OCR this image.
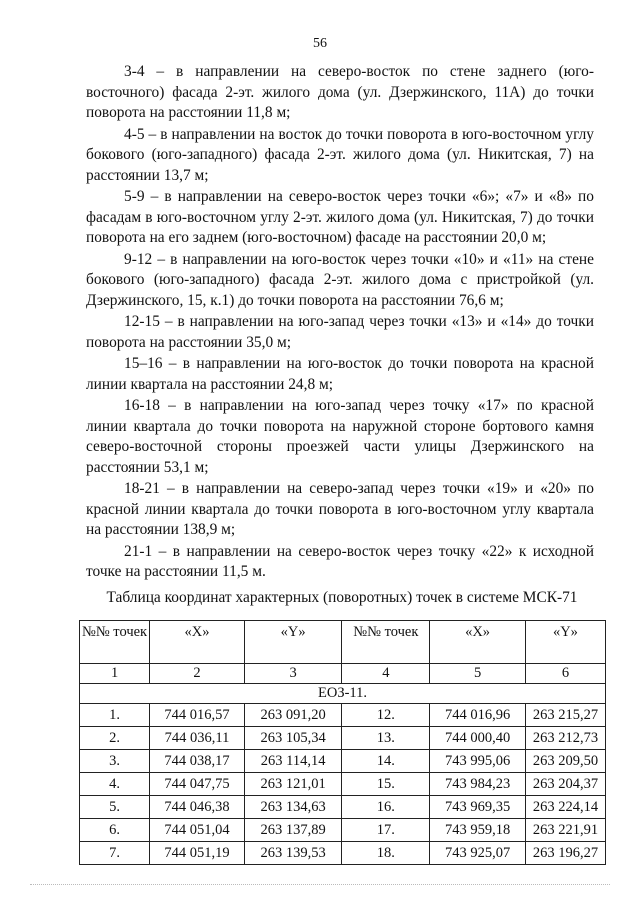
56

3-4 – в направлении на северо-восток по стене заднего (юго-восточного) фасада 2-эт. жилого дома (ул. Дзержинского, 11А) до точки поворота на расстоянии 11,8 м;

4-5 – в направлении на восток до точки поворота в юго-восточном углу бокового (юго-западного) фасада 2-эт. жилого дома (ул. Никитская, 7) на расстоянии 13,7 м;

5-9 – в направлении на северо-восток через точки «6»; «7» и «8» по фасадам в юго-восточном углу 2-эт. жилого дома (ул. Никитская, 7) до точки поворота на его заднем (юго-восточном) фасаде на расстоянии 20,0 м;

9-12 – в направлении на юго-восток через точки «10» и «11» на стене бокового (юго-западного) фасада 2-эт. жилого дома с пристройкой (ул. Дзержинского, 15, к.1) до точки поворота на расстоянии 76,6 м;

12-15 – в направлении на юго-запад через точки «13» и «14» до точки поворота на расстоянии 35,0 м;

15–16 – в направлении на юго-восток до точки поворота на красной линии квартала на расстоянии 24,8 м;

16-18 – в направлении на юго-запад через точку «17» по красной линии квартала до точки поворота на наружной стороне бортового камня северо-восточной стороны проезжей части улицы Дзержинского на расстоянии 53,1 м;

18-21 – в направлении на северо-запад через точки «19» и «20» по красной линии квартала до точки поворота в юго-восточном углу квартала на расстоянии 138,9 м;

21-1 – в направлении на северо-восток через точку «22» к исходной точке на расстоянии 11,5 м.

Таблица координат характерных (поворотных) точек в системе МСК-71
№№ точек	«X»	«Y»	№№ точек	«X»	«Y»
1	2	3	4	5	6
ЕОЗ-11.					
1.	744 016,57	263 091,20	12.	744 016,96	263 215,27
2.	744 036,11	263 105,34	13.	744 000,40	263 212,73
3.	744 038,17	263 114,14	14.	743 995,06	263 209,50
4.	744 047,75	263 121,01	15.	743 984,23	263 204,37
5.	744 046,38	263 134,63	16.	743 969,35	263 224,14
6.	744 051,04	263 137,89	17.	743 959,18	263 221,91
7.	744 051,19	263 139,53	18.	743 925,07	263 196,27
